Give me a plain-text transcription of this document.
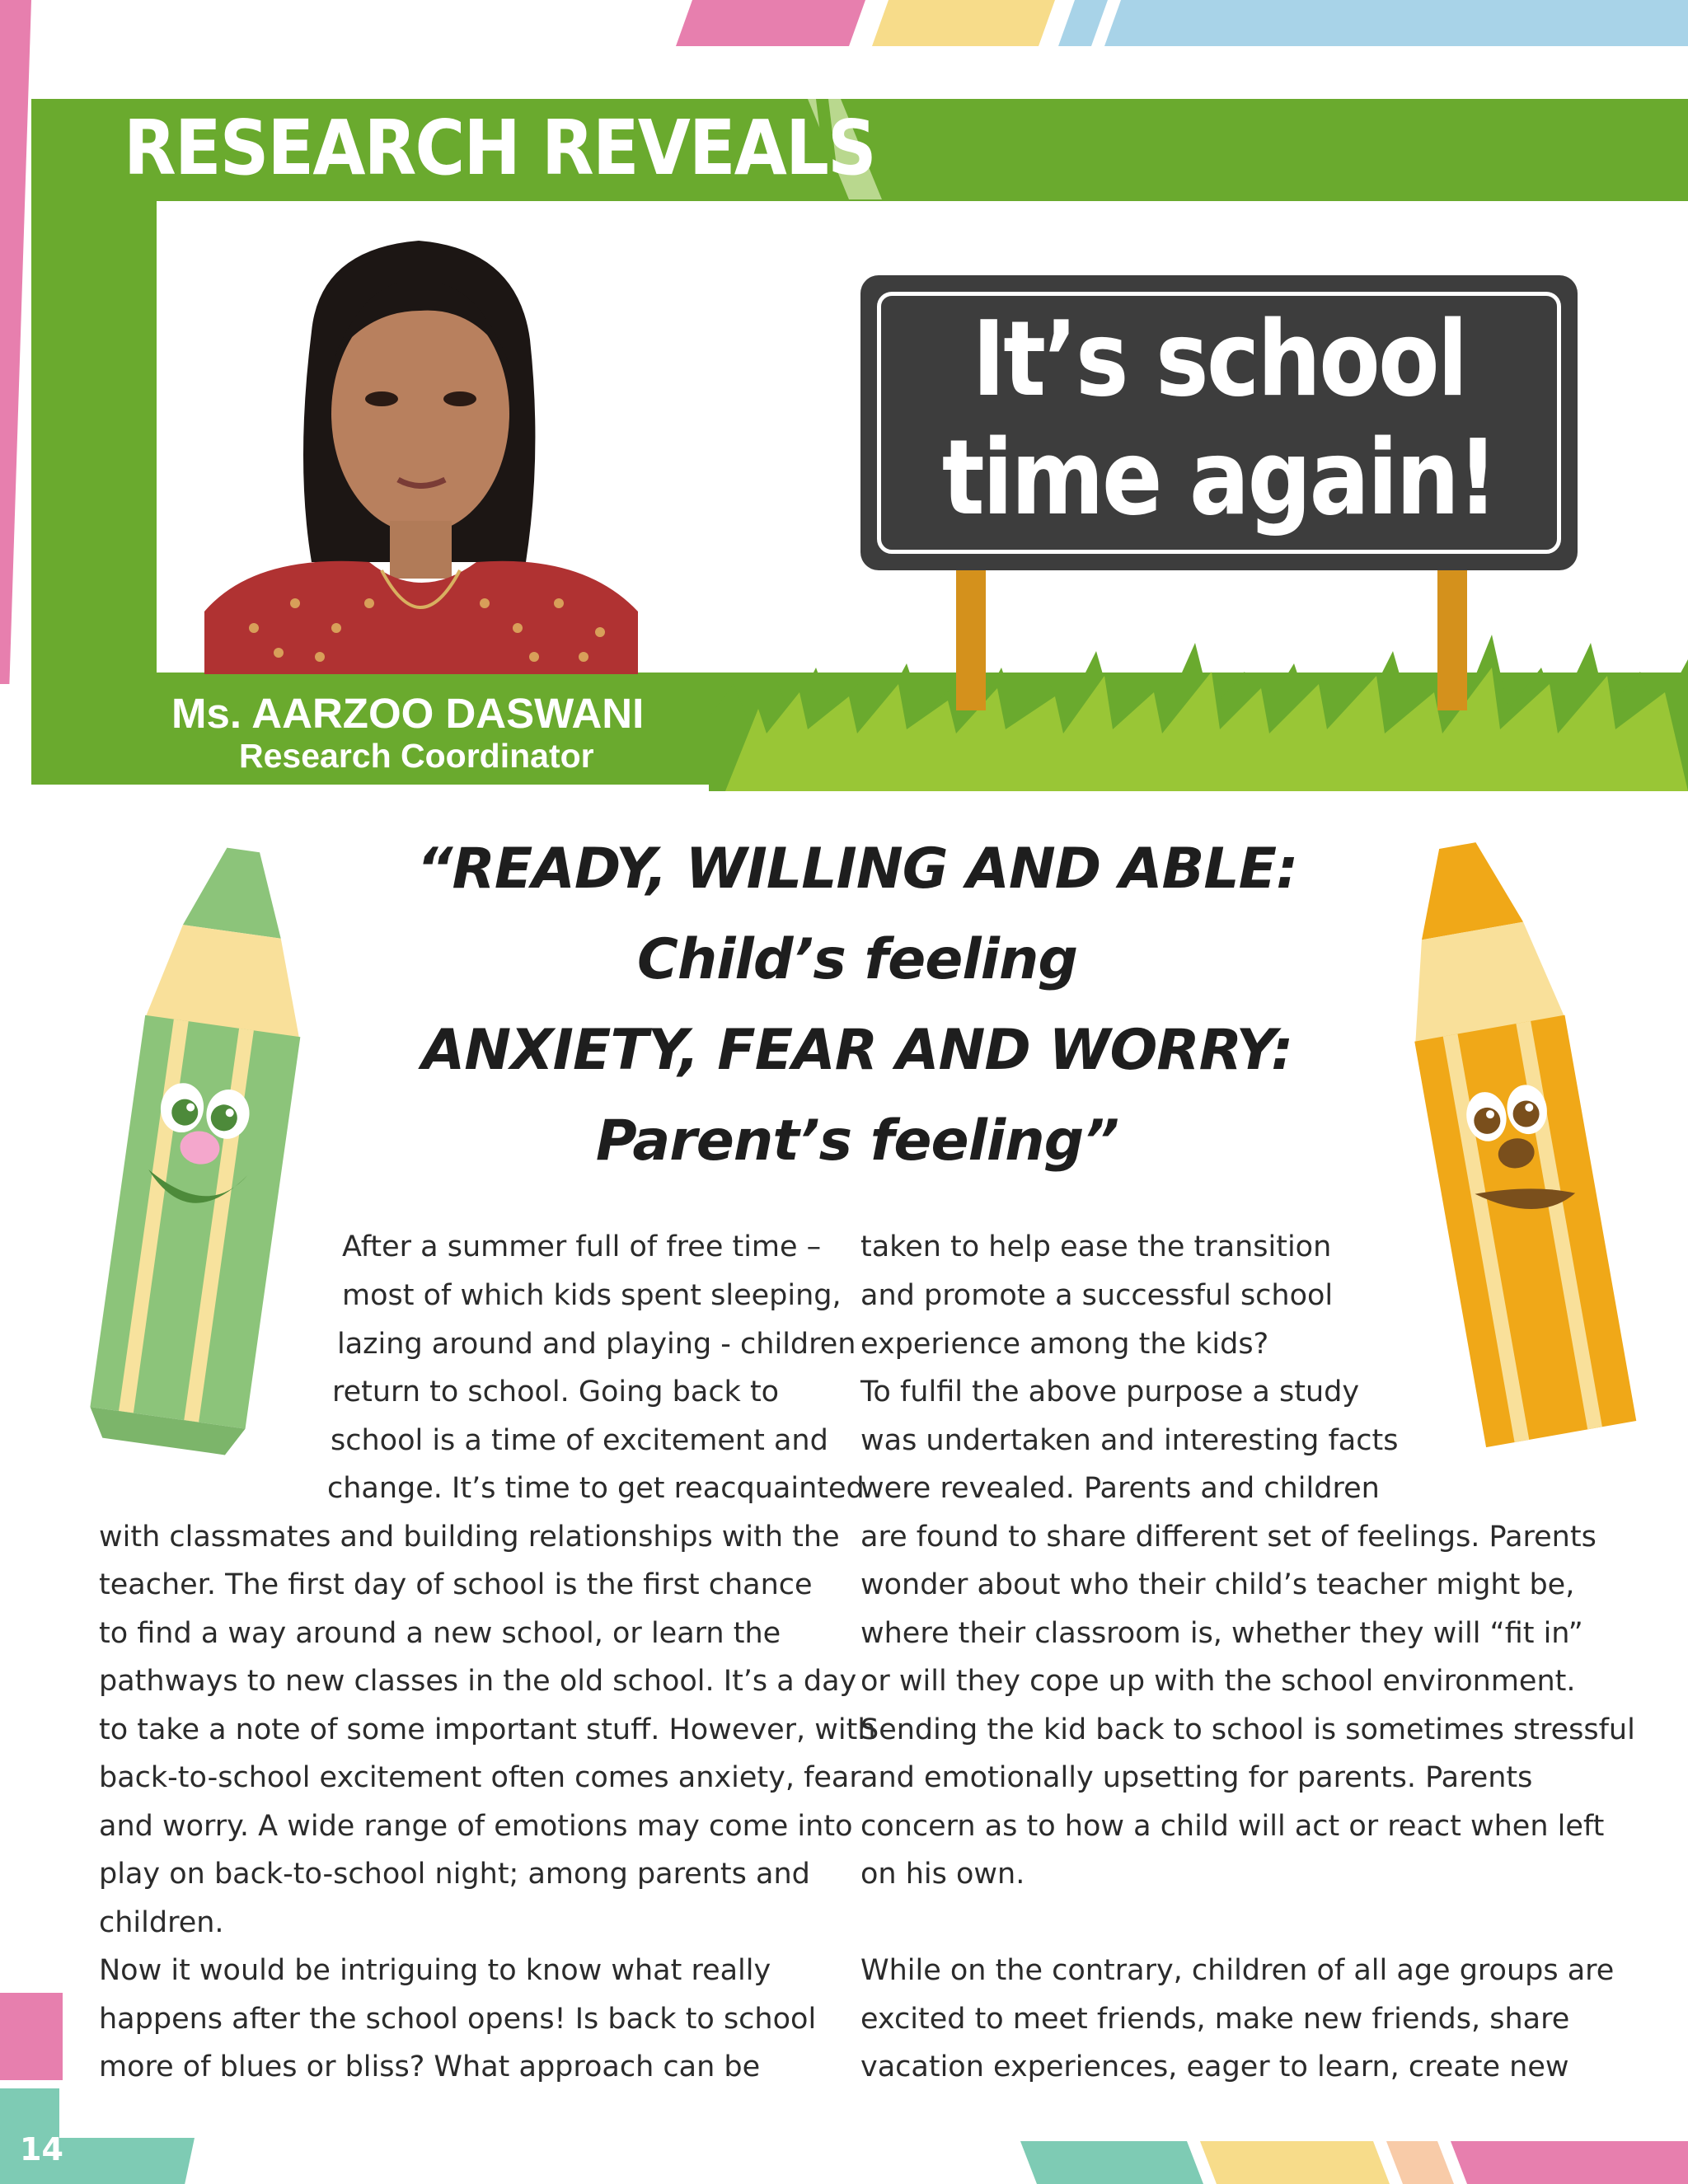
RESEARCH REVEALS
Ms. AARZOO DASWANI
Research Coordinator
It’s school
time again!
“READY, WILLING AND ABLE:
Child’s feeling
ANXIETY, FEAR AND WORRY:
Parent’s feeling”
After a summer full of free time –
most of which kids spent sleeping,
lazing around and playing - children
return to school. Going back to
school is a time of excitement and
change. It’s time to get reacquainted
with classmates and building relationships with the
teacher. The first day of school is the first chance
to find a way around a new school, or learn the
pathways to new classes in the old school. It’s a day
to take a note of some important stuff. However, with
back-to-school excitement often comes anxiety, fear
and worry. A wide range of emotions may come into
play on back-to-school night; among parents and
children.
Now it would be intriguing to know what really
happens after the school opens! Is back to school
more of blues or bliss? What approach can be
taken to help ease the transition
and promote a successful school
experience among the kids?
To fulfil the above purpose a study
was undertaken and interesting facts
were revealed. Parents and children
are found to share different set of feelings. Parents
wonder about who their child’s teacher might be,
where their classroom is, whether they will “fit in”
or will they cope up with the school environment.
Sending the kid back to school is sometimes stressful
and emotionally upsetting for parents. Parents
concern as to how a child will act or react when left
on his own.
While on the contrary, children of all age groups are
excited to meet friends, make new friends, share
vacation experiences, eager to learn, create new
14
